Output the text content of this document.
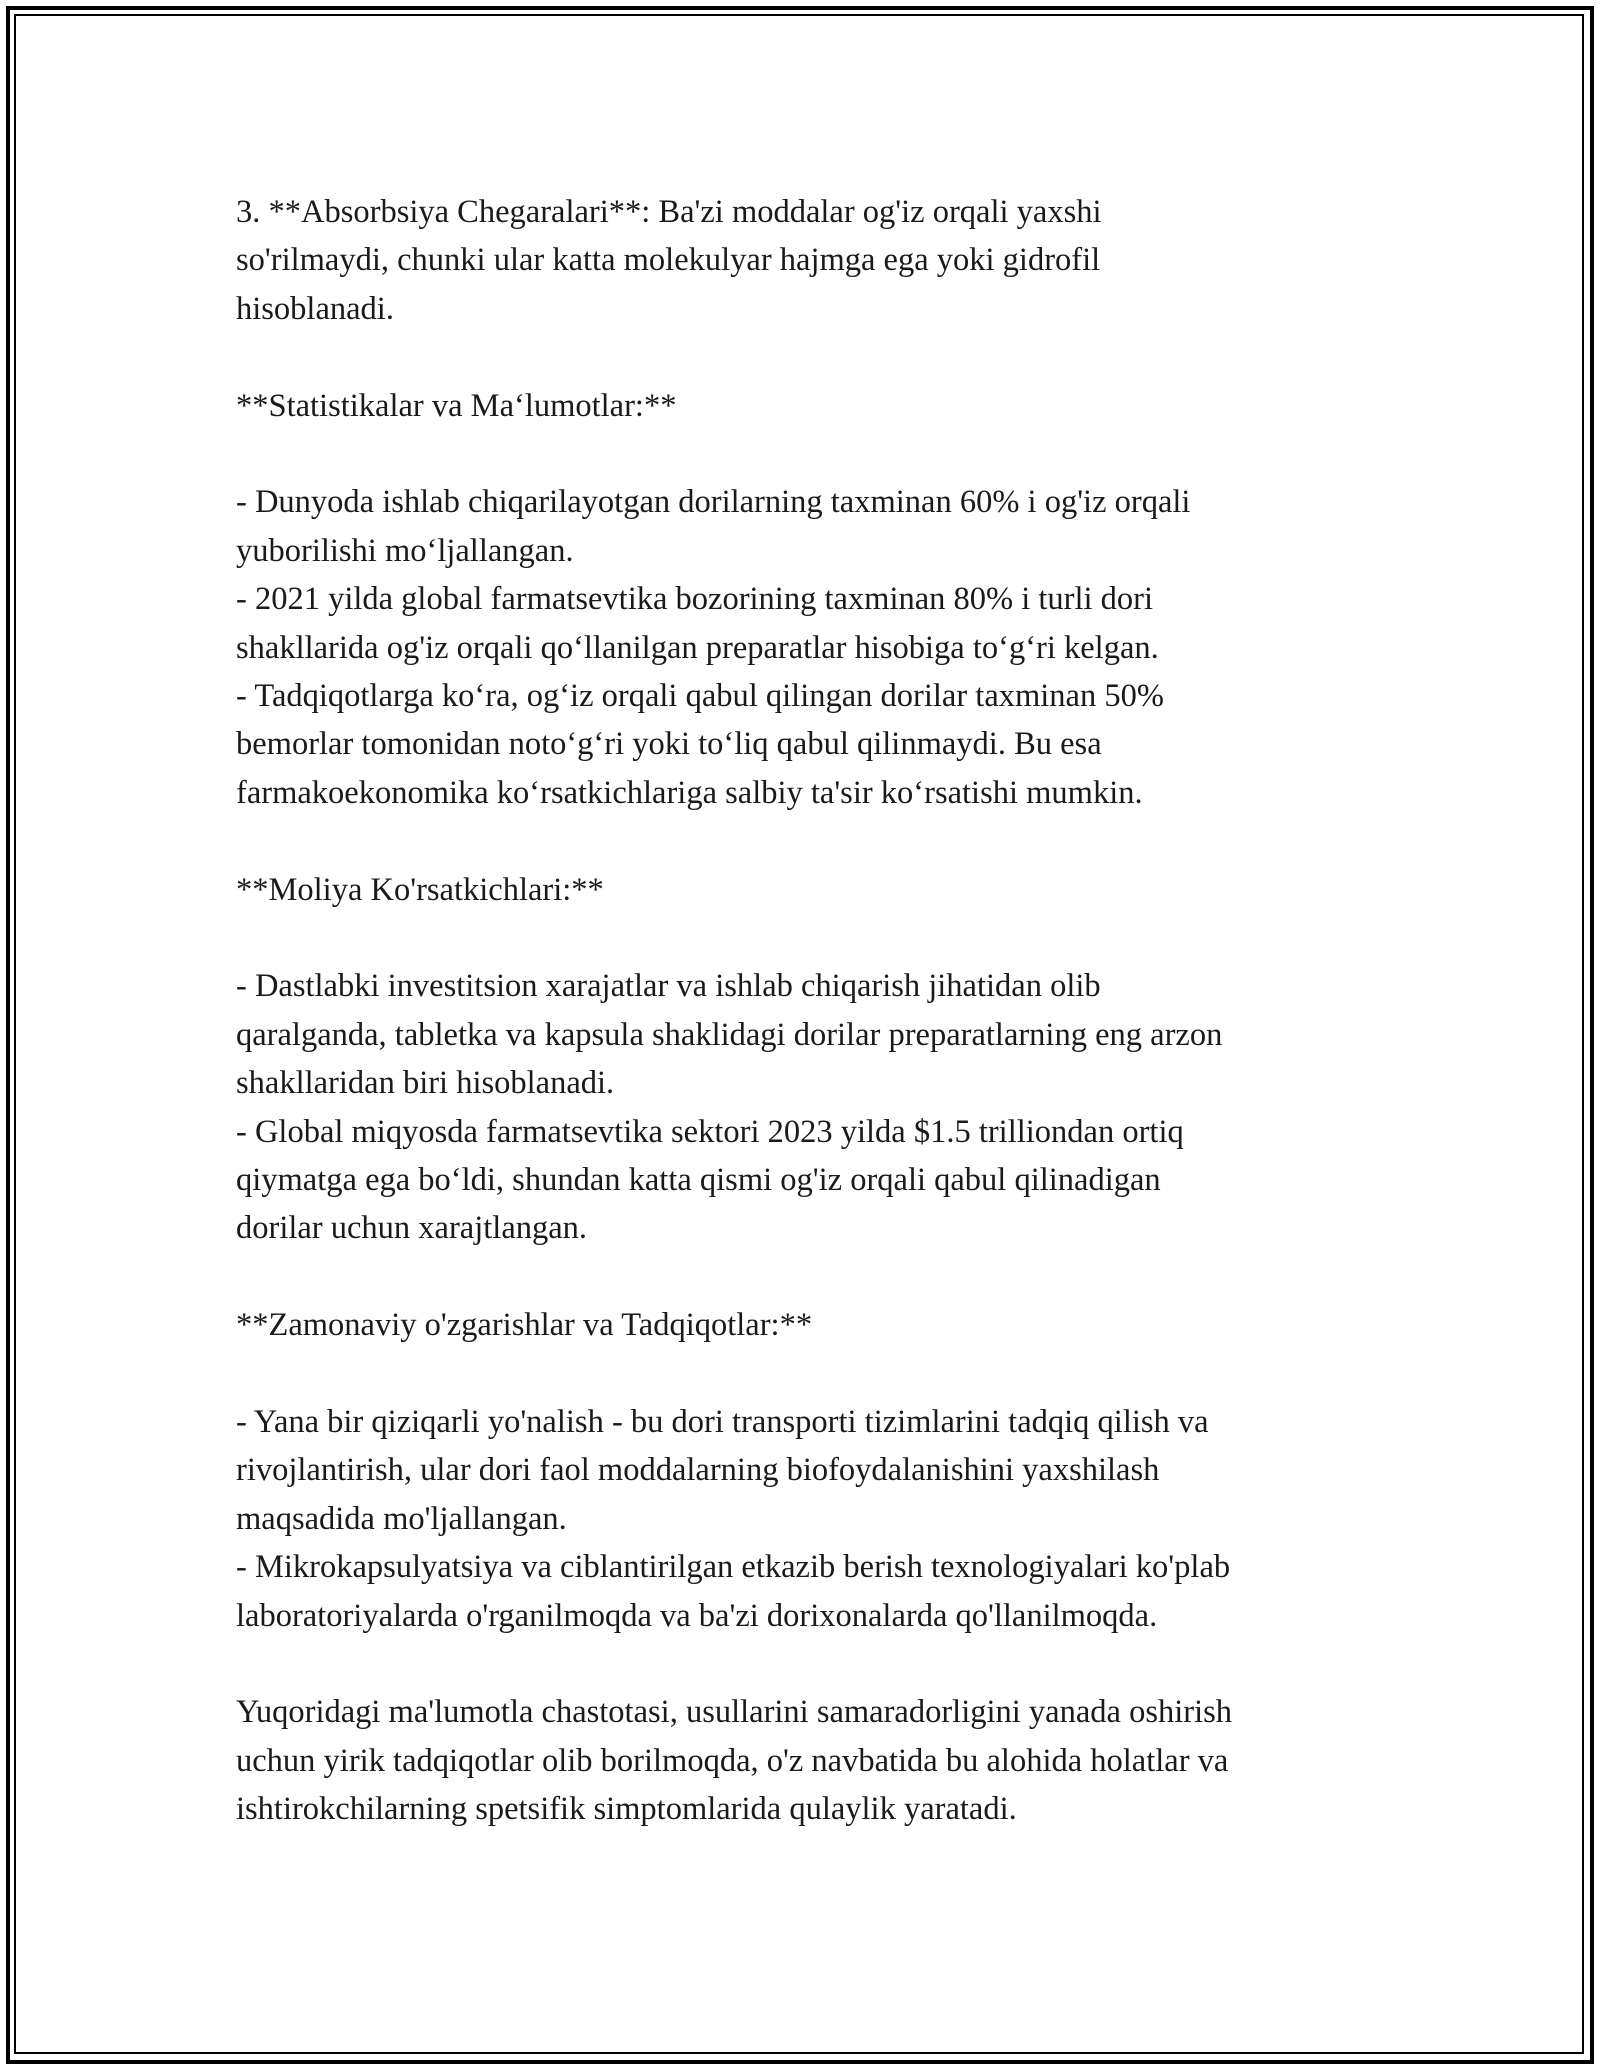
3. **Absorbsiya Chegaralari**: Ba'zi moddalar og'iz orqali yaxshi
so'rilmaydi, chunki ular katta molekulyar hajmga ega yoki gidrofil
hisoblanadi.

**Statistikalar va Ma‘lumotlar:**

- Dunyoda ishlab chiqarilayotgan dorilarning taxminan 60% i og'iz orqali
yuborilishi mo‘ljallangan.
- 2021 yilda global farmatsevtika bozorining taxminan 80% i turli dori
shakllarida og'iz orqali qo‘llanilgan preparatlar hisobiga to‘g‘ri kelgan.
- Tadqiqotlarga ko‘ra, og‘iz orqali qabul qilingan dorilar taxminan 50%
bemorlar tomonidan noto‘g‘ri yoki to‘liq qabul qilinmaydi. Bu esa
farmakoekonomika ko‘rsatkichlariga salbiy ta'sir ko‘rsatishi mumkin.

**Moliya Ko'rsatkichlari:**

- Dastlabki investitsion xarajatlar va ishlab chiqarish jihatidan olib
qaralganda, tabletka va kapsula shaklidagi dorilar preparatlarning eng arzon
shakllaridan biri hisoblanadi.
- Global miqyosda farmatsevtika sektori 2023 yilda $1.5 trilliondan ortiq
qiymatga ega bo‘ldi, shundan katta qismi og'iz orqali qabul qilinadigan
dorilar uchun xarajtlangan.

**Zamonaviy o'zgarishlar va Tadqiqotlar:**

- Yana bir qiziqarli yo'nalish - bu dori transporti tizimlarini tadqiq qilish va
rivojlantirish, ular dori faol moddalarning biofoydalanishini yaxshilash
maqsadida mo'ljallangan.
- Mikrokapsulyatsiya va ciblantirilgan etkazib berish texnologiyalari ko'plab
laboratoriyalarda o'rganilmoqda va ba'zi dorixonalarda qo'llanilmoqda.

Yuqoridagi ma'lumotla chastotasi, usullarini samaradorligini yanada oshirish
uchun yirik tadqiqotlar olib borilmoqda, o'z navbatida bu alohida holatlar va
ishtirokchilarning spetsifik simptomlarida qulaylik yaratadi.
